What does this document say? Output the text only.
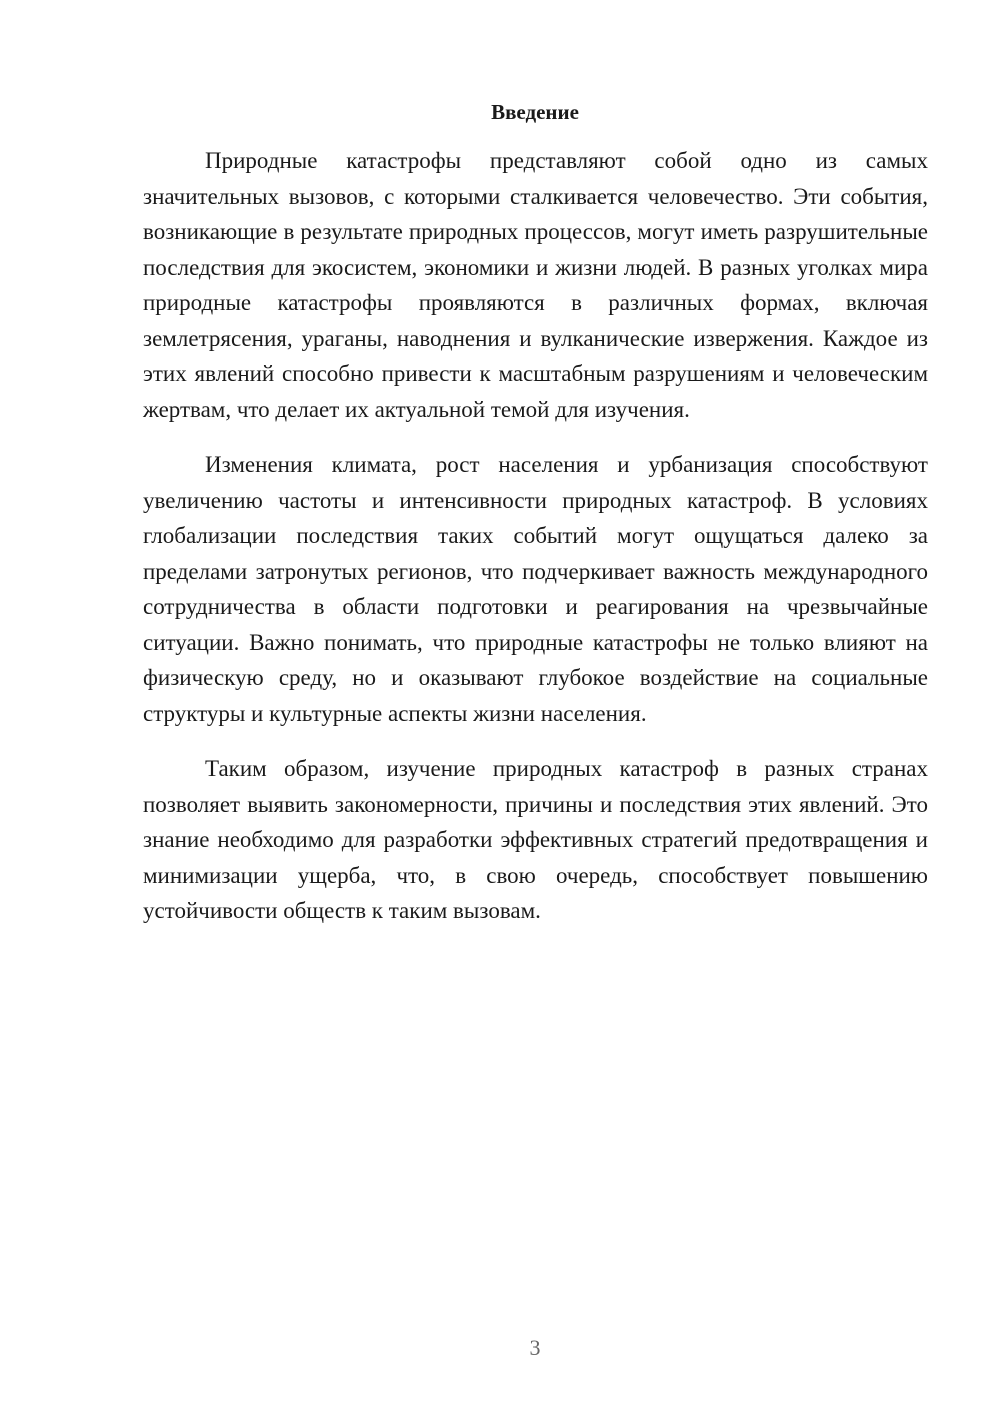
Введение

Природные катастрофы представляют собой одно из самых значительных вызовов, с которыми сталкивается человечество. Эти события, возникающие в результате природных процессов, могут иметь разрушительные последствия для экосистем, экономики и жизни людей. В разных уголках мира природные катастрофы проявляются в различных формах, включая землетрясения, ураганы, наводнения и вулканические извержения. Каждое из этих явлений способно привести к масштабным разрушениям и человеческим жертвам, что делает их актуальной темой для изучения.

Изменения климата, рост населения и урбанизация способствуют увеличению частоты и интенсивности природных катастроф. В условиях глобализации последствия таких событий могут ощущаться далеко за пределами затронутых регионов, что подчеркивает важность международного сотрудничества в области подготовки и реагирования на чрезвычайные ситуации. Важно понимать, что природные катастрофы не только влияют на физическую среду, но и оказывают глубокое воздействие на социальные структуры и культурные аспекты жизни населения.

Таким образом, изучение природных катастроф в разных странах позволяет выявить закономерности, причины и последствия этих явлений. Это знание необходимо для разработки эффективных стратегий предотвращения и минимизации ущерба, что, в свою очередь, способствует повышению устойчивости обществ к таким вызовам.

3
